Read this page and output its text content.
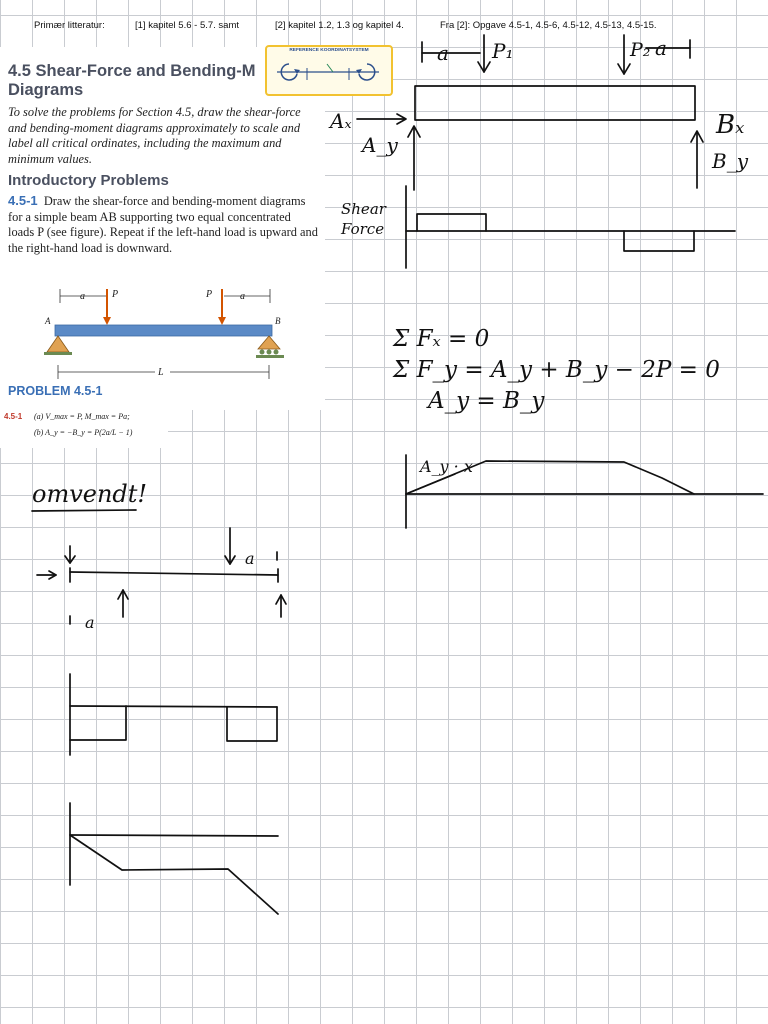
Primær litteratur:	[1] kapitel 5.6 - 5.7. samt	[2] kapitel 1.2, 1.3 og kapitel 4.	Fra [2]: Opgave 4.5-1, 4.5-6, 4.5-12, 4.5-13, 4.5-15.
4.5 Shear-Force and Bending-M
Diagrams
To solve the problems for Section 4.5, draw the shear-force and bending-moment diagrams approximately to scale and label all critical ordinates, including the maximum and minimum values.
Introductory Problems
4.5-1 Draw the shear-force and bending-moment diagrams for a simple beam AB supporting two equal concentrated loads P (see figure). Repeat if the left-hand load is upward and the right-hand load is downward.
a	P	P	a
A	B
L
PROBLEM 4.5-1
4.5-1 (a) V_max = P, M_max = Pa;
(b) A_y = −B_y = P(2a/L − 1)
REFERENCE KOORDINATSYSTEM	a P₁	P₂ a
Aₓ
A_y
Bₓ
B_y
Shear
Force
Σ Fₓ = 0
Σ F_y = A_y + B_y − 2P = 0
A_y = B_y
A_y · x
omvendt!
a
a
